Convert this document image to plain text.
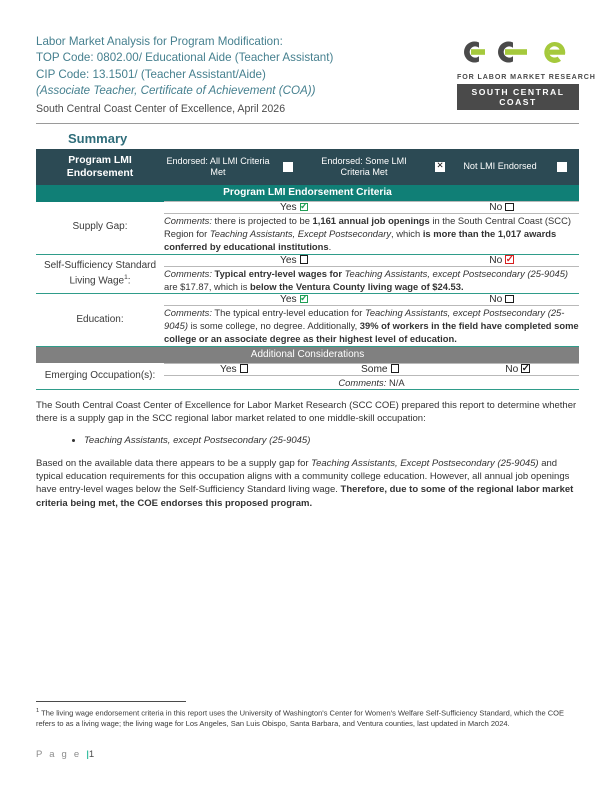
Labor Market Analysis for Program Modification:
TOP Code: 0802.00/ Educational Aide (Teacher Assistant)
CIP Code: 13.1501/ (Teacher Assistant/Aide)
(Associate Teacher, Certificate of Achievement (COA))
South Central Coast Center of Excellence, April 2026
FOR LABOR MARKET RESEARCH
SOUTH CENTRAL COAST
Summary
Program LMI Endorsement	Endorsed: All LMI Criteria Met		Endorsed: Some LMI Criteria Met	✕	Not LMI Endorsed	
Program LMI Endorsement Criteria						
Supply Gap:	Yes✓			No		
	Comments: there is projected to be 1,161 annual job openings in the South Central Coast (SCC) Region for Teaching Assistants, Except Postsecondary, which is more than the 1,017 awards conferred by educational institutions.					

Self-Sufficiency Standard Living Wage$^1$:	Yes			No✓
	Comments: Typical entry-level wages for Teaching Assistants, except Postsecondary (25-9045) are $17.87, which is below the Ventura County living wage of $24.53.					

Education:	Yes✓			No		
	Comments: The typical entry-level education for Teaching Assistants, except Postsecondary (25-9045) is some college, no degree. Additionally, 39% of workers in the field have completed some college or an associate degree as their highest level of education.					

Additional Considerations						
Emerging Occupation(s):	Yes		Some		No✓
	Comments: N/A					

The South Central Coast Center of Excellence for Labor Market Research (SCC COE) prepared this report to determine whether there is a supply gap in the SCC regional labor market related to one middle-skill occupation:

• Teaching Assistants, except Postsecondary (25-9045)

Based on the available data there appears to be a supply gap for Teaching Assistants, Except Postsecondary (25-9045) and typical education requirements for this occupation aligns with a community college education. However, all annual job openings have entry-level wages below the Self-Sufficiency Standard living wage. Therefore, due to some of the regional labor market criteria being met, the COE endorses this proposed program.

$^1$ The living wage endorsement criteria in this report uses the University of Washington's Center for Women's Welfare Self-Sufficiency Standard, which the COE refers to as a living wage; the living wage for Los Angeles, San Luis Obispo, Santa Barbara, and Ventura counties, last updated in March 2024.
P a g e |1
